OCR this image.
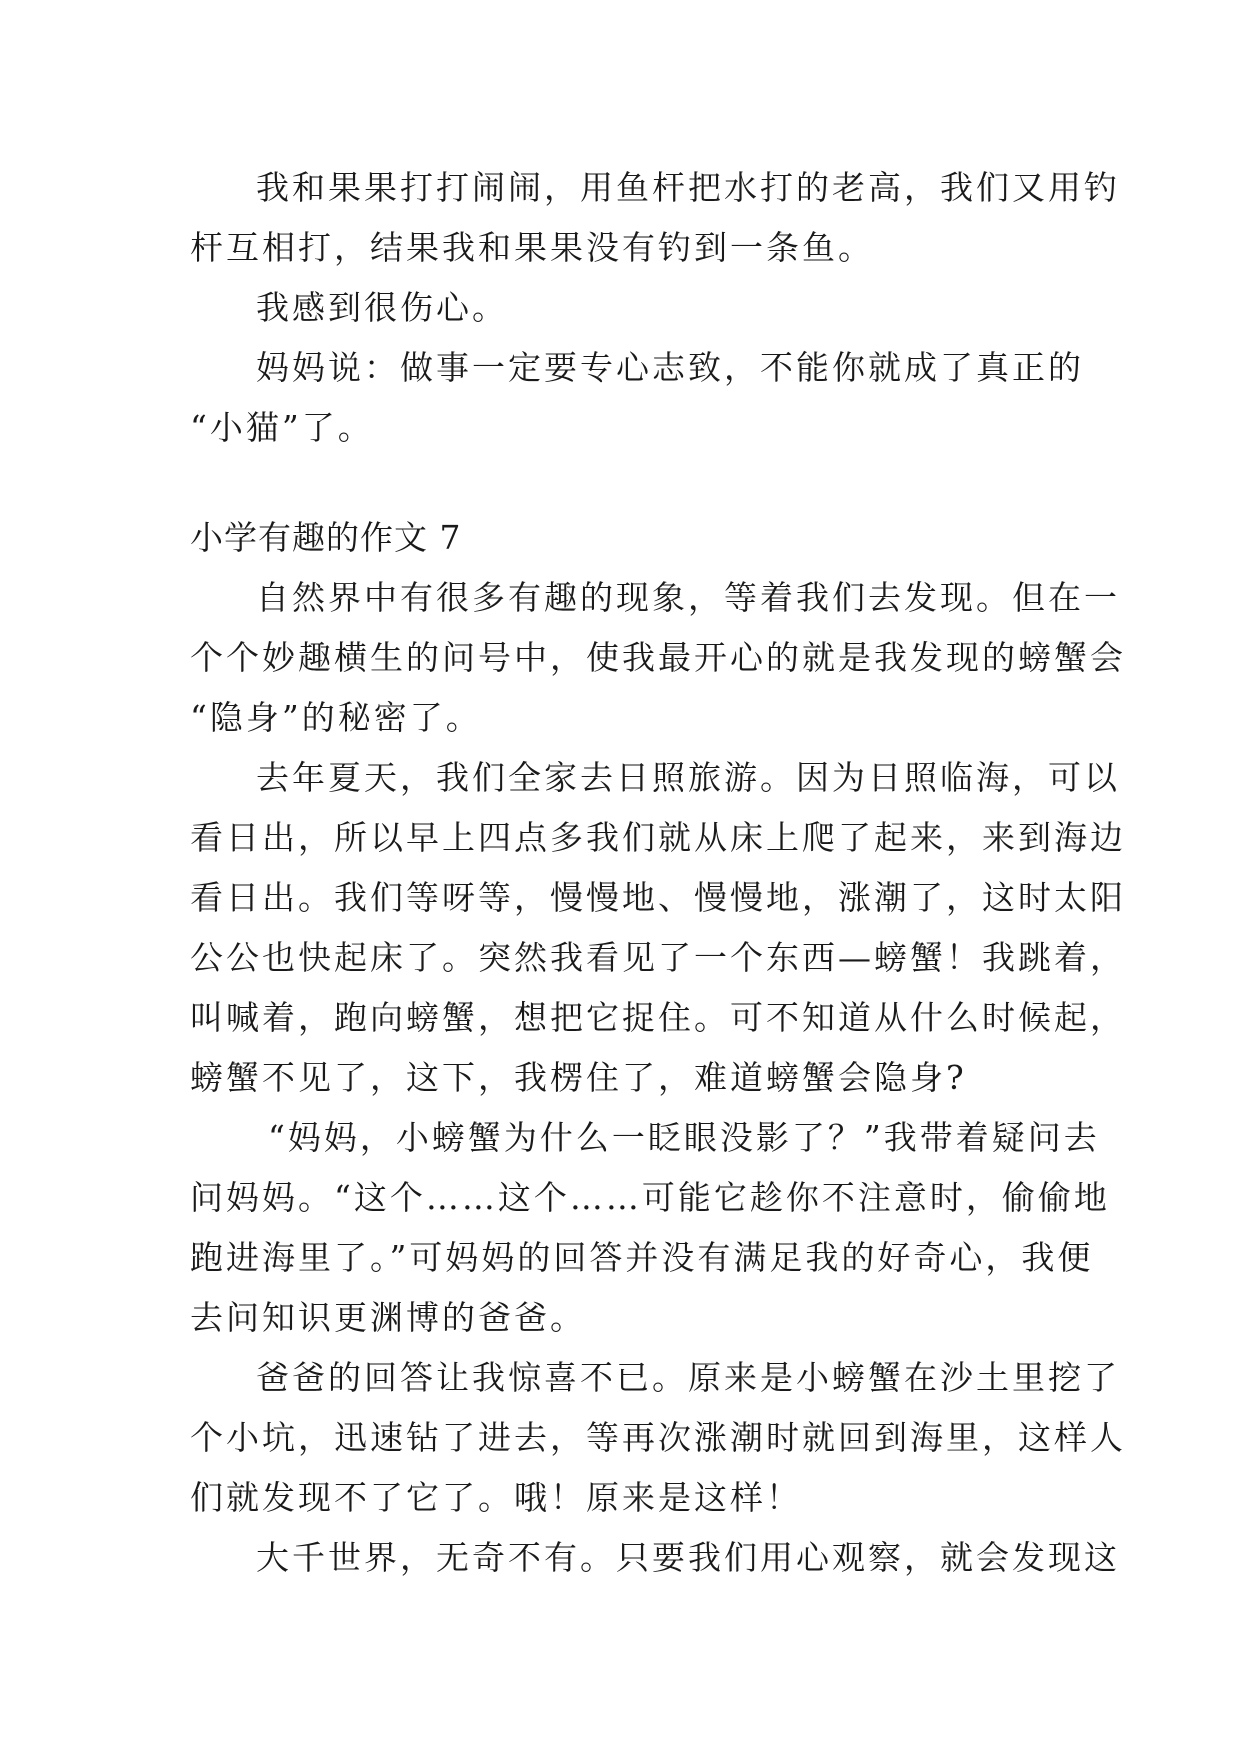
我和果果打打闹闹，用鱼杆把水打的老高，我们又用钓
杆互相打，结果我和果果没有钓到一条鱼。
我感到很伤心。
妈妈说：做事一定要专心志致，不能你就成了真正的
“小猫”了。
小学有趣的作文 7
自然界中有很多有趣的现象，等着我们去发现。但在一
个个妙趣横生的问号中，使我最开心的就是我发现的螃蟹会
“隐身”的秘密了。
去年夏天，我们全家去日照旅游。因为日照临海，可以
看日出，所以早上四点多我们就从床上爬了起来，来到海边
看日出。我们等呀等，慢慢地、慢慢地，涨潮了，这时太阳
公公也快起床了。突然我看见了一个东西—螃蟹！我跳着，
叫喊着，跑向螃蟹，想把它捉住。可不知道从什么时候起，
螃蟹不见了，这下，我楞住了，难道螃蟹会隐身?
“妈妈，小螃蟹为什么一眨眼没影了？”我带着疑问去
问妈妈。“这个……这个……可能它趁你不注意时，偷偷地
跑进海里了。”可妈妈的回答并没有满足我的好奇心，我便
去问知识更渊博的爸爸。
爸爸的回答让我惊喜不已。原来是小螃蟹在沙土里挖了
个小坑，迅速钻了进去，等再次涨潮时就回到海里，这样人
们就发现不了它了。哦！原来是这样！
大千世界，无奇不有。只要我们用心观察，就会发现这
